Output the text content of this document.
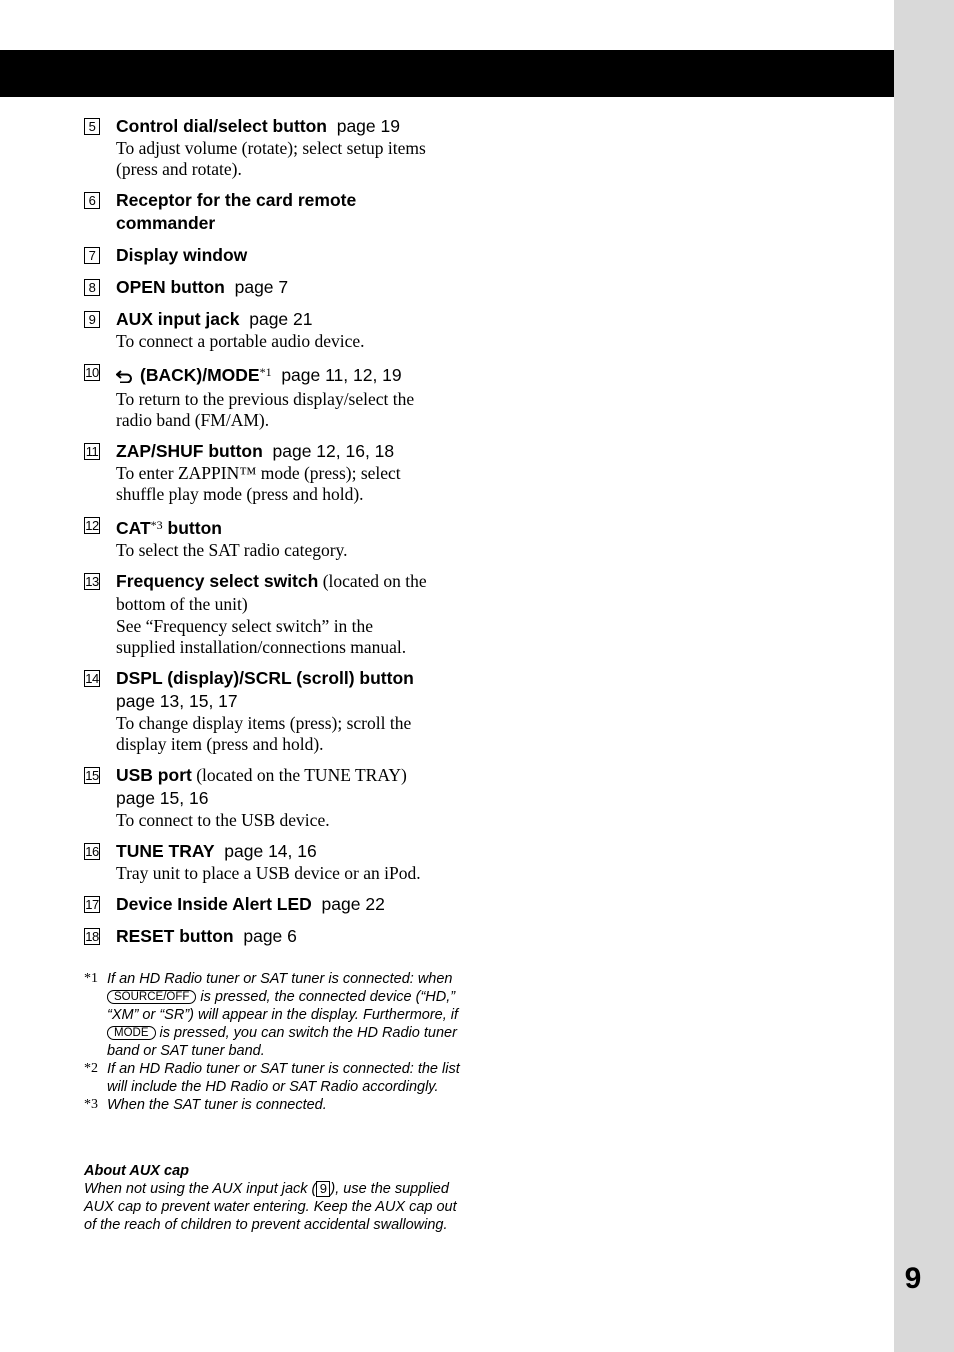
9
5 Control dial/select button page 19
To adjust volume (rotate); select setup items
(press and rotate).
6 Receptor for the card remote commander
7 Display window
8 OPEN button page 7
9 AUX input jack page 21
To connect a portable audio device.
10	(BACK)/MODE$^{*1}$ page 11, 12, 19
To return to the previous display/select the
radio band (FM/AM).
11 ZAP/SHUF button page 12, 16, 18
To enter ZAPPIN™ mode (press); select
shuffle play mode (press and hold).
12 CAT$^{*3}$ button
To select the SAT radio category.
13 Frequency select switch (located on the bottom of the unit)
See “Frequency select switch” in the
supplied installation/connections manual.
14 DSPL (display)/SCRL (scroll) button
page 13, 15, 17
To change display items (press); scroll the
display item (press and hold).
15 USB port (located on the TUNE TRAY)
page 15, 16
To connect to the USB device.
16 TUNE TRAY page 14, 16
Tray unit to place a USB device or an iPod.
17 Device Inside Alert LED page 22
18 RESET button page 6
*1 If an HD Radio tuner or SAT tuner is connected: when SOURCE/OFF is pressed, the connected device (“HD,” “XM” or “SR”) will appear in the display. Furthermore, if MODE is pressed, you can switch the HD Radio tuner band or SAT tuner band.
*2 If an HD Radio tuner or SAT tuner is connected: the list will include the HD Radio or SAT Radio accordingly.
*3 When the SAT tuner is connected.
About AUX cap
When not using the AUX input jack ( 9 ), use the supplied AUX cap to prevent water entering. Keep the AUX cap out of the reach of children to prevent accidental swallowing.
